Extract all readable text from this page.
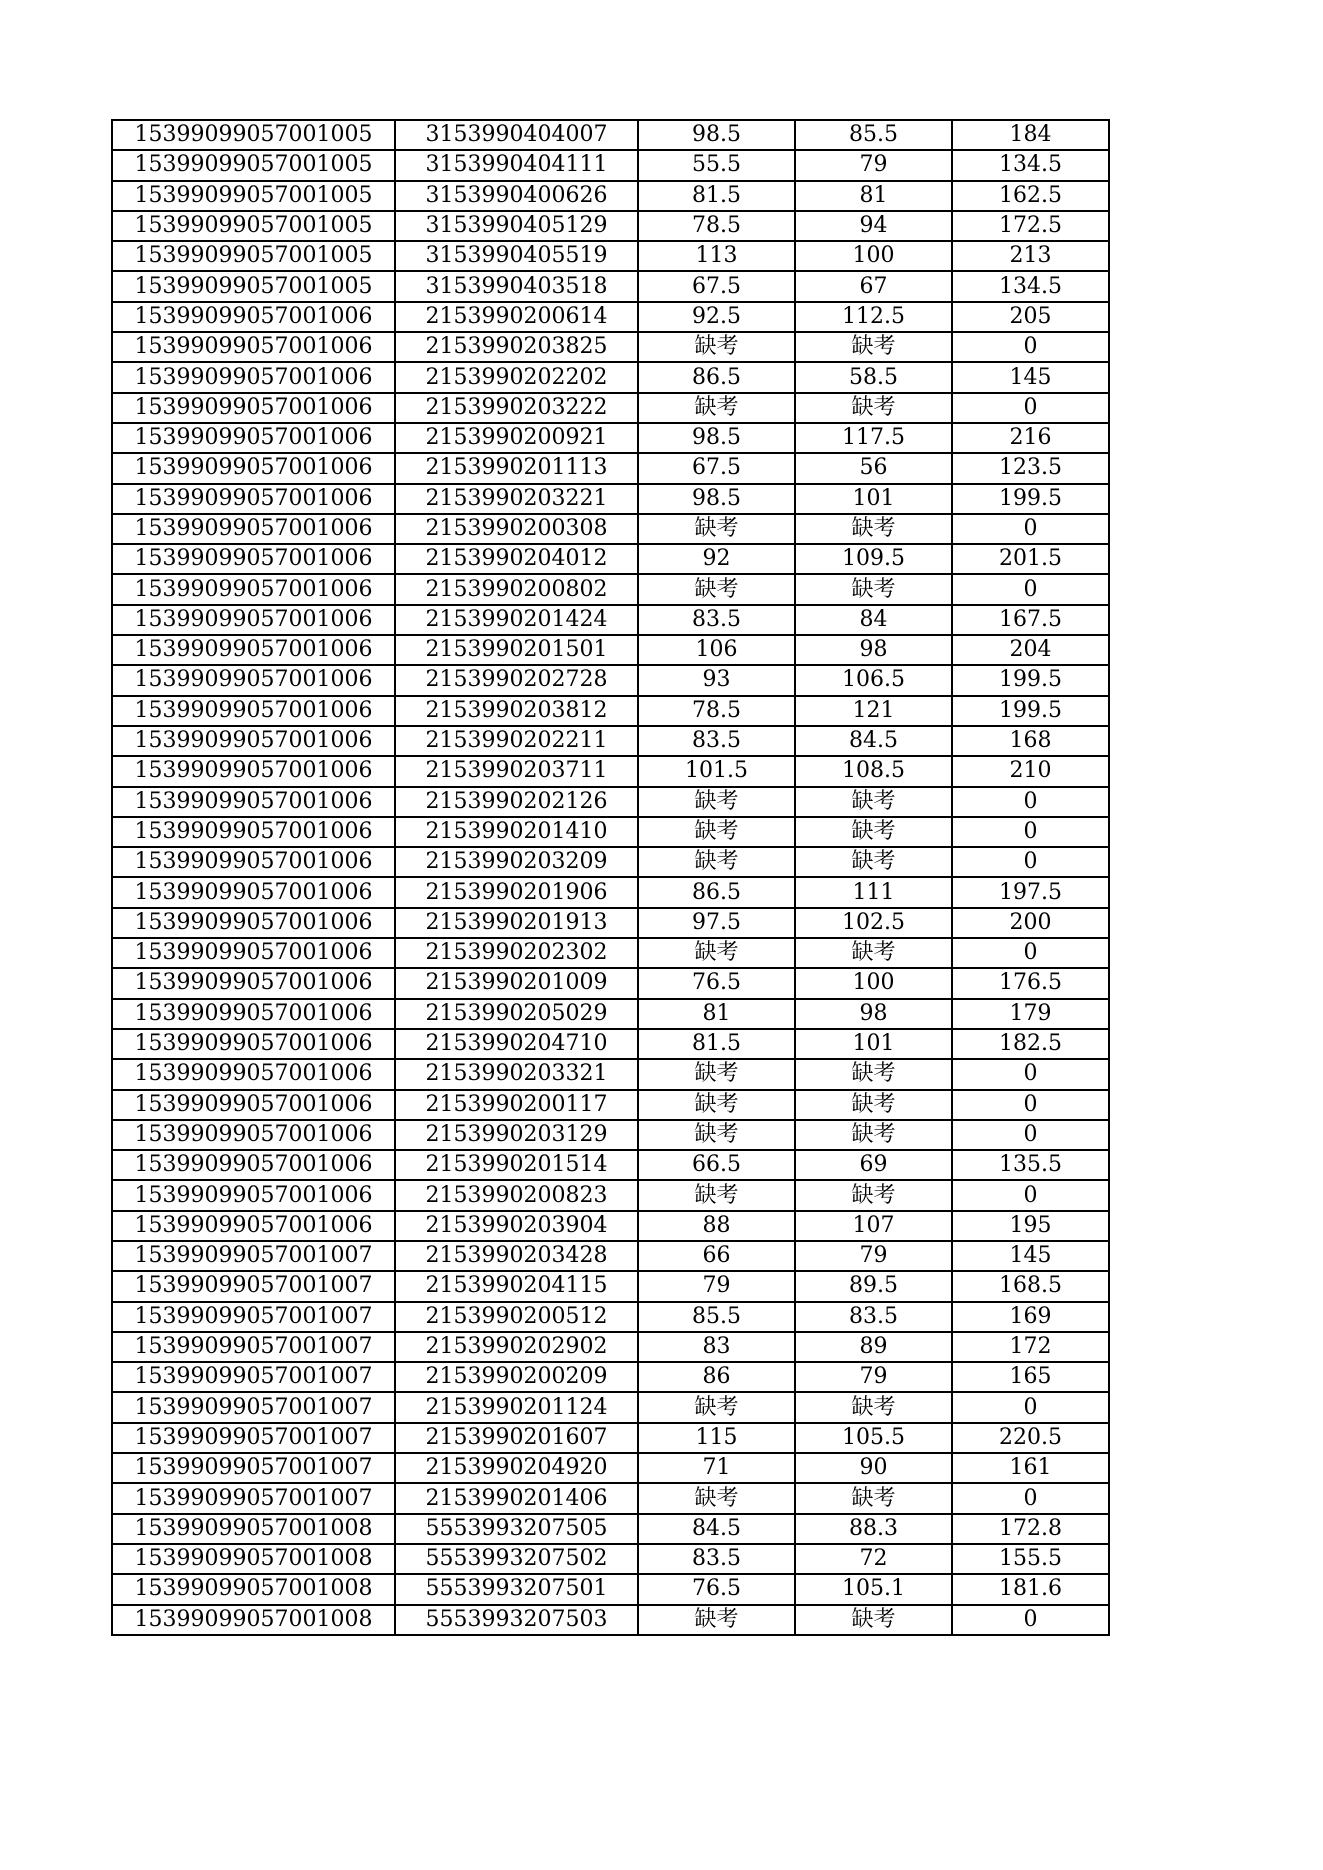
15399099057001005	3153990404007	98.5	85.5	184
15399099057001005	3153990404111	55.5	79	134.5
15399099057001005	3153990400626	81.5	81	162.5
15399099057001005	3153990405129	78.5	94	172.5
15399099057001005	3153990405519	113	100	213
15399099057001005	3153990403518	67.5	67	134.5
15399099057001006	2153990200614	92.5	112.5	205
15399099057001006	2153990203825	缺考	缺考	0
15399099057001006	2153990202202	86.5	58.5	145
15399099057001006	2153990203222	缺考	缺考	0
15399099057001006	2153990200921	98.5	117.5	216
15399099057001006	2153990201113	67.5	56	123.5
15399099057001006	2153990203221	98.5	101	199.5
15399099057001006	2153990200308	缺考	缺考	0
15399099057001006	2153990204012	92	109.5	201.5
15399099057001006	2153990200802	缺考	缺考	0
15399099057001006	2153990201424	83.5	84	167.5
15399099057001006	2153990201501	106	98	204
15399099057001006	2153990202728	93	106.5	199.5
15399099057001006	2153990203812	78.5	121	199.5
15399099057001006	2153990202211	83.5	84.5	168
15399099057001006	2153990203711	101.5	108.5	210
15399099057001006	2153990202126	缺考	缺考	0
15399099057001006	2153990201410	缺考	缺考	0
15399099057001006	2153990203209	缺考	缺考	0
15399099057001006	2153990201906	86.5	111	197.5
15399099057001006	2153990201913	97.5	102.5	200
15399099057001006	2153990202302	缺考	缺考	0
15399099057001006	2153990201009	76.5	100	176.5
15399099057001006	2153990205029	81	98	179
15399099057001006	2153990204710	81.5	101	182.5
15399099057001006	2153990203321	缺考	缺考	0
15399099057001006	2153990200117	缺考	缺考	0
15399099057001006	2153990203129	缺考	缺考	0
15399099057001006	2153990201514	66.5	69	135.5
15399099057001006	2153990200823	缺考	缺考	0
15399099057001006	2153990203904	88	107	195
15399099057001007	2153990203428	66	79	145
15399099057001007	2153990204115	79	89.5	168.5
15399099057001007	2153990200512	85.5	83.5	169
15399099057001007	2153990202902	83	89	172
15399099057001007	2153990200209	86	79	165
15399099057001007	2153990201124	缺考	缺考	0
15399099057001007	2153990201607	115	105.5	220.5
15399099057001007	2153990204920	71	90	161
15399099057001007	2153990201406	缺考	缺考	0
15399099057001008	5553993207505	84.5	88.3	172.8
15399099057001008	5553993207502	83.5	72	155.5
15399099057001008	5553993207501	76.5	105.1	181.6
15399099057001008	5553993207503	缺考	缺考	0
